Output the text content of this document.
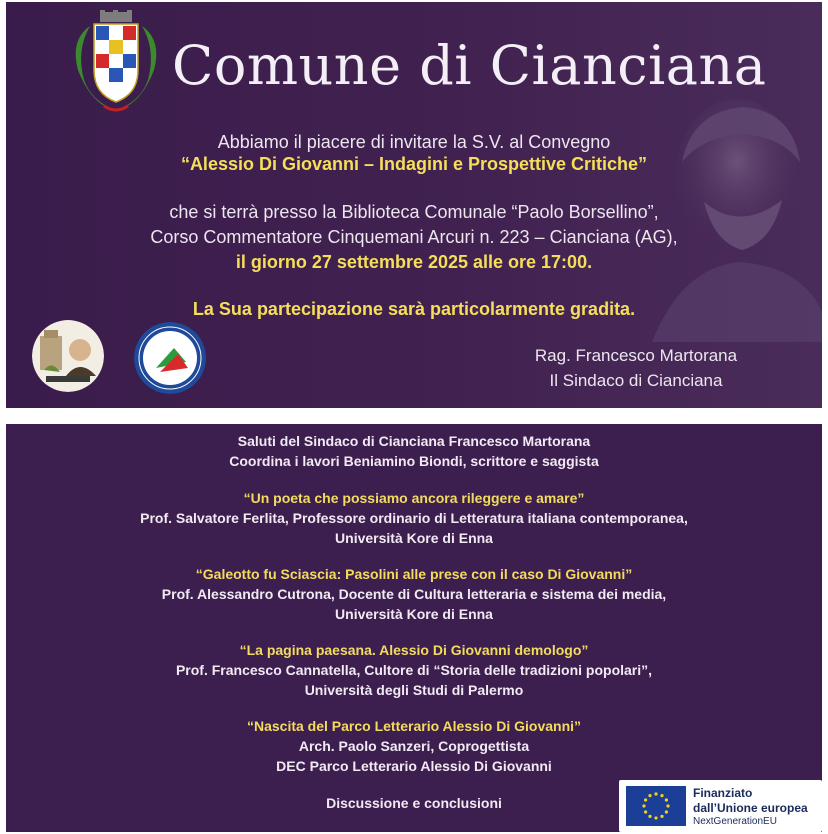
Comune di Cianciana
Abbiamo il piacere di invitare la S.V. al Convegno
“Alessio Di Giovanni – Indagini e Prospettive Critiche”
che si terrà presso la Biblioteca Comunale “Paolo Borsellino”,
Corso Commentatore Cinquemani Arcuri n. 223 – Cianciana (AG),
il giorno 27 settembre 2025 alle ore 17:00.
La Sua partecipazione sarà particolarmente gradita.
Rag. Francesco Martorana
Il Sindaco di Cianciana
Saluti del Sindaco di Cianciana Francesco Martorana
Coordina i lavori Beniamino Biondi, scrittore e saggista
“Un poeta che possiamo ancora rileggere e amare”
Prof. Salvatore Ferlita, Professore ordinario di Letteratura italiana contemporanea,
Università Kore di Enna
“Galeotto fu Sciascia: Pasolini alle prese con il caso Di Giovanni”
Prof. Alessandro Cutrona, Docente di Cultura letteraria e sistema dei media,
Università Kore di Enna
“La pagina paesana. Alessio Di Giovanni demologo”
Prof. Francesco Cannatella, Cultore di “Storia delle tradizioni popolari”,
Università degli Studi di Palermo
“Nascita del Parco Letterario Alessio Di Giovanni”
Arch. Paolo Sanzeri, Coprogettista
DEC Parco Letterario Alessio Di Giovanni
Discussione e conclusioni
Finanziato
dall’Unione europea
NextGenerationEU
